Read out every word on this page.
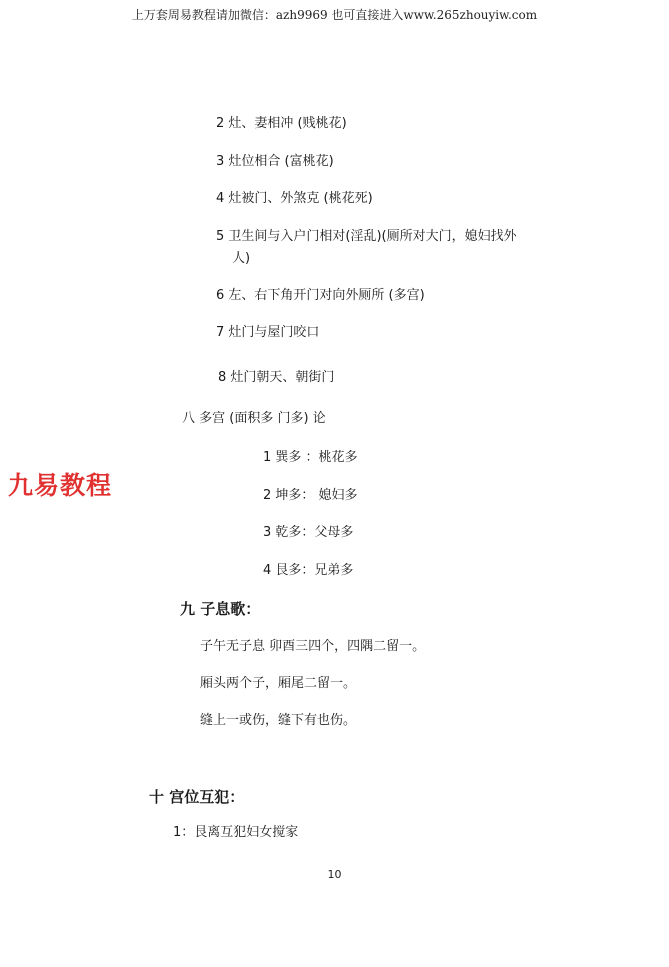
上万套周易教程请加微信：azh9969 也可直接进入www.265zhouyiw.com
2 灶、妻相冲 (贱桃花)
3 灶位相合 (富桃花)
4 灶被门、外煞克 (桃花死)
5 卫生间与入户门相对(淫乱)(厕所对大门，媳妇找外
人)
6 左、右下角开门对向外厕所 (多宫)
7 灶门与屋门咬口
8 灶门朝天、朝街门
八 多宫 (面积多 门多) 论
1 巽多 ：桃花多
2 坤多： 媳妇多
3 乾多：父母多
4 艮多：兄弟多
九易教程
九 子息歌：
子午无子息 卯酉三四个，四隅二留一。
厢头两个子，厢尾二留一。
缝上一或伤，缝下有也伤。
十 宫位互犯：
1：艮离互犯妇女搅家
10
